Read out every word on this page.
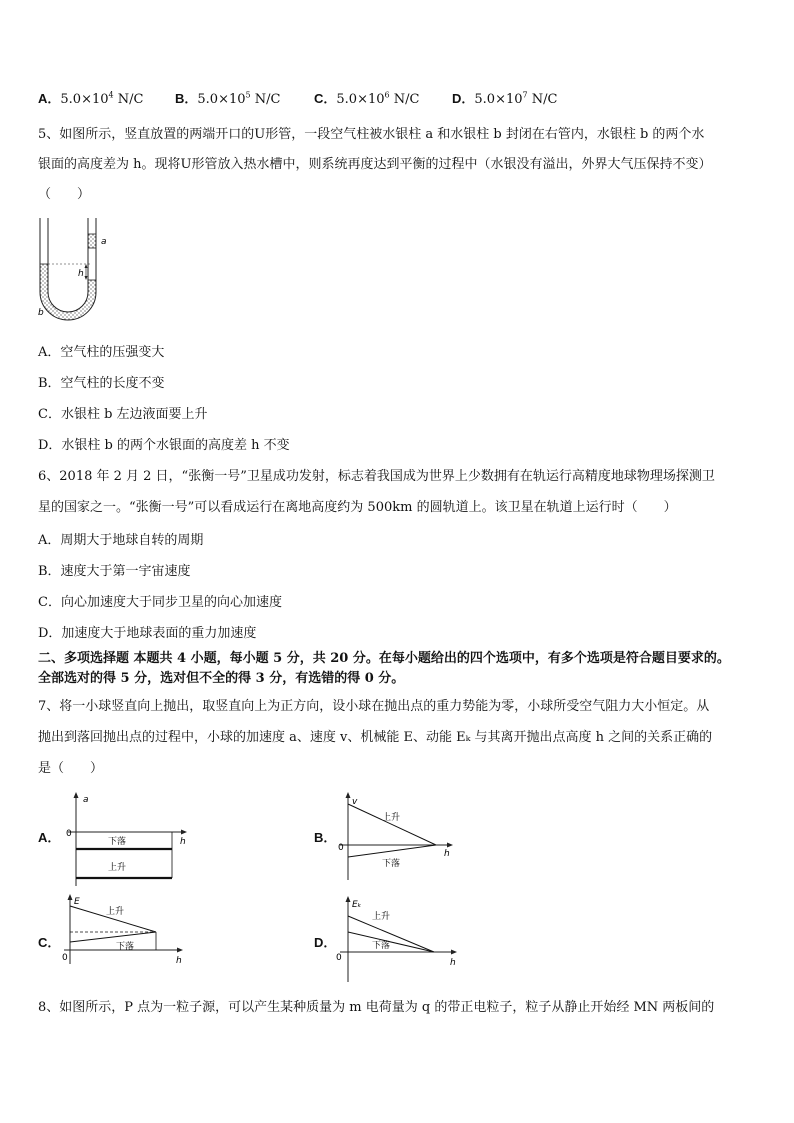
A．$5.0\times 10^4$ N/C B．$5.0\times 10^5$ N/C	C．$5.0\times 10^6$ N/C	D．$5.0\times 10^7$ N/C
5、如图所示，竖直放置的两端开口的U形管，一段空气柱被水银柱 a 和水银柱 b 封闭在右管内，水银柱 b 的两个水
银面的高度差为 h。现将U形管放入热水槽中，则系统再度达到平衡的过程中（水银没有溢出，外界大气压保持不变）
（　　）
h
a
b
A．空气柱的压强变大
B．空气柱的长度不变
C．水银柱 b 左边液面要上升
D．水银柱 b 的两个水银面的高度差 h 不变
6、2018 年 2 月 2 日，“张衡一号”卫星成功发射，标志着我国成为世界上少数拥有在轨运行高精度地球物理场探测卫
星的国家之一。“张衡一号”可以看成运行在离地高度约为 500km 的圆轨道上。该卫星在轨道上运行时（　　）
A．周期大于地球自转的周期
B．速度大于第一宇宙速度
C．向心加速度大于同步卫星的向心加速度
D．加速度大于地球表面的重力加速度
二、多项选择题 本题共 4 小题，每小题 5 分，共 20 分。在每小题给出的四个选项中，有多个选项是符合题目要求的。
全部选对的得 5 分，选对但不全的得 3 分，有选错的得 0 分。
7、将一小球竖直向上抛出，取竖直向上为正方向，设小球在抛出点的重力势能为零，小球所受空气阻力大小恒定。从
抛出到落回抛出点的过程中，小球的加速度 a、速度 v、机械能 E、动能 Eₖ 与其离开抛出点高度 h 之间的关系正确的
是（　　）
A．
a
h
0
下落
上升
B．
v
h
0
上升
下落
C．
E
h
0
上升
下落	D．
Eₖ
h
0
上升
下落
8、如图所示，P 点为一粒子源，可以产生某种质量为 m 电荷量为 q 的带正电粒子，粒子从静止开始经 MN 两板间的
